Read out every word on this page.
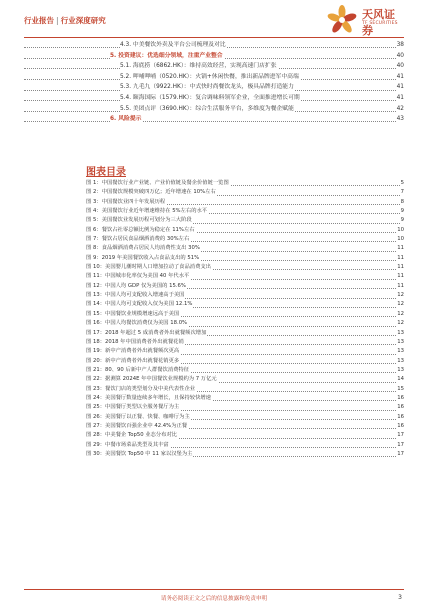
行业报告 | 行业深度研究	天风证券
TF SECURITIES
4.3. 中美餐饮外卖及平台公司梳理及对比	38
5. 投资建议：优选细分领域，注重产业整合	40
5.1. 海底捞（6862.HK）：维持高效经营，实现高速门店扩张	40
5.2. 呷哺呷哺（0520.HK）：火锅+休闲快餐，推出新品牌进军中高端	41
5.3. 九毛九（9922.HK）：中式快时尚餐饮龙头，极具品牌打造能力	41
5.4. 颐海国际（1579.HK）：复合调味料领军企业，全面推进增长可期	41
5.5. 美团点评（3690.HK）：综合生活服务平台，多维度为餐企赋能	42
6. 风险提示	43
图表目录
图 1：中国餐饮行业产业链、产业价值链及餐企价值链一览图	5
图 2：中国餐饮规模突破四万亿；近年增速在 10%左右	7
图 3：中国餐饮业四十年发展历程	8
图 4：美国餐饮行业近年增速维持在 5%左右的水平	9
图 5：美国餐饮业发展历程可划分为三大阶段	9
图 6：餐饮占社零总额比例为稳定在 11%左右	10
图 7：餐饮占居民食品烟酒消费的 30%左右	10
图 8：食品烟酒消费占居民人均消费性支出 30%	11
图 9：2019 年美国餐饮收入占食品支出的 51%	11
图 10：美国婴儿潮时期人口增加拉动了食品消费支出	11
图 11：中国城市化率仅为美国 40 年代水平	11
图 12：中国人均 GDP 仅为美国的 15.6%	11
图 13：中国人均可支配收入增速高于美国	12
图 14：中国人均可支配收入仅为美国 12.1%	12
图 15：中国餐饮业规模增速远高于美国	12
图 16：中国人均餐饮消费仅为美国 18.0%	12
图 17：2018 年超过 5 成消费者外出就餐频次增加	13
图 18：2018 年中国消费者外出就餐花销	13
图 19：新中产消费者外出就餐频次更高	13
图 20：新中产消费者外出就餐花销更多	13
图 21：80、90 后新中产人群餐饮消费特征	13
图 22：据测算 2024E 年中国餐饮业规模约为 7 万亿元	14
图 23：餐饮门店的类型划分及中美代表性企业	15
图 24：美国餐厅数量连续多年增长，且保持较快增速	16
图 25：中国餐厅类型以全服务餐厅为主	16
图 26：美国餐厅以正餐、快餐、咖啡厅为主	16
图 27：美国餐饮百强企业中 42.4%为正餐	16
图 28：中美餐企 Top50 业态分布对比	17
图 29：中餐市场菜品类型及其丰富	17
图 30：美国餐饮 Top50 中 11 家以汉堡为主	17
请务必阅读正文之后的信息披露和免责申明	3
